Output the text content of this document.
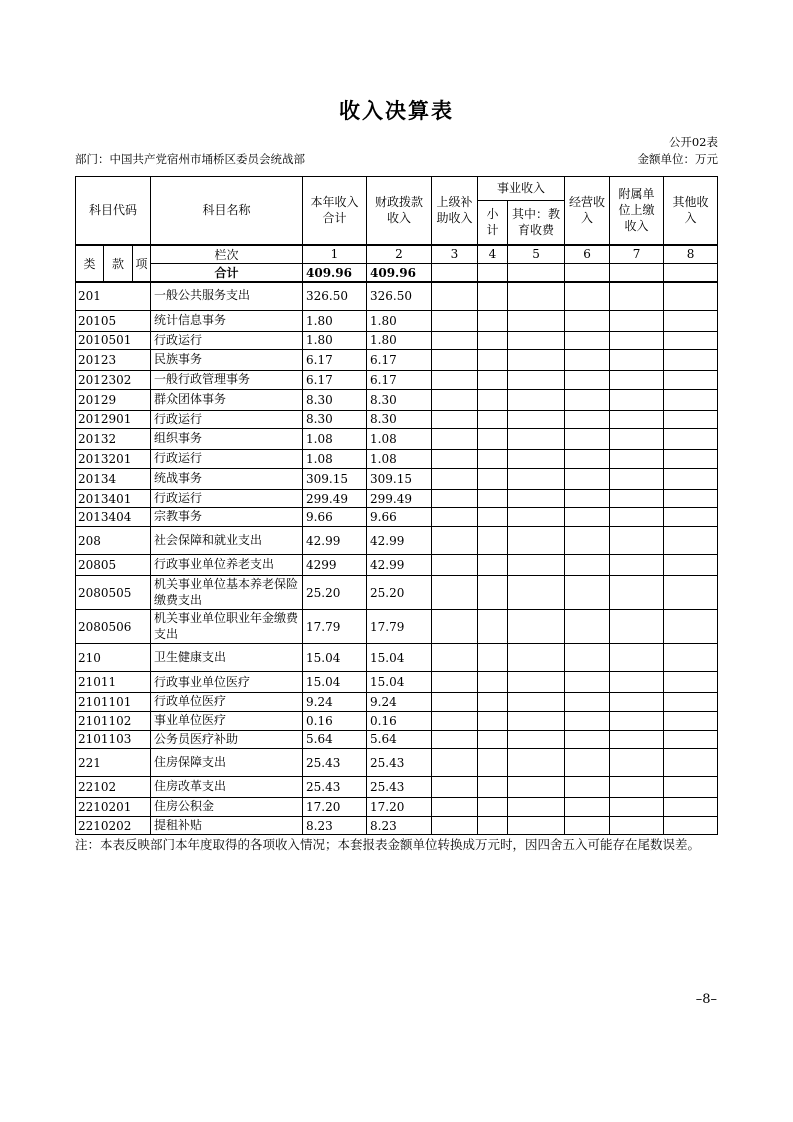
收入决算表
公开02表
部门：中国共产党宿州市埇桥区委员会统战部	金额单位：万元
科目代码			科目名称	本年收入合计	财政拨款收入	上级补助收入	事业收入		经营收入	附属单位上缴收入	其他收入
							小计	其中：教育收费			
类	款	项	栏次	1	2	3	4	5	6	7	8
			合计	409.96	409.96						
201			一般公共服务支出	326.50	326.50						
20105			统计信息事务	1.80	1.80						
2010501			行政运行	1.80	1.80						
20123			民族事务	6.17	6.17						
2012302			一般行政管理事务	6.17	6.17						
20129			群众团体事务	8.30	8.30						
2012901			行政运行	8.30	8.30						
20132			组织事务	1.08	1.08						
2013201			行政运行	1.08	1.08						
20134			统战事务	309.15	309.15						
2013401			行政运行	299.49	299.49						
2013404			宗教事务	9.66	9.66						
208			社会保障和就业支出	42.99	42.99						
20805			行政事业单位养老支出	4299	42.99						
2080505			机关事业单位基本养老保险缴费支出	25.20	25.20						
2080506			机关事业单位职业年金缴费支出	17.79	17.79						
210			卫生健康支出	15.04	15.04						
21011			行政事业单位医疗	15.04	15.04						
2101101			行政单位医疗	9.24	9.24						
2101102			事业单位医疗	0.16	0.16						
2101103			公务员医疗补助	5.64	5.64						
221			住房保障支出	25.43	25.43						
22102			住房改革支出	25.43	25.43						
2210201			住房公积金	17.20	17.20						
2210202			提租补贴	8.23	8.23						
注：本表反映部门本年度取得的各项收入情况；本套报表金额单位转换成万元时，因四舍五入可能存在尾数误差。
–8–
